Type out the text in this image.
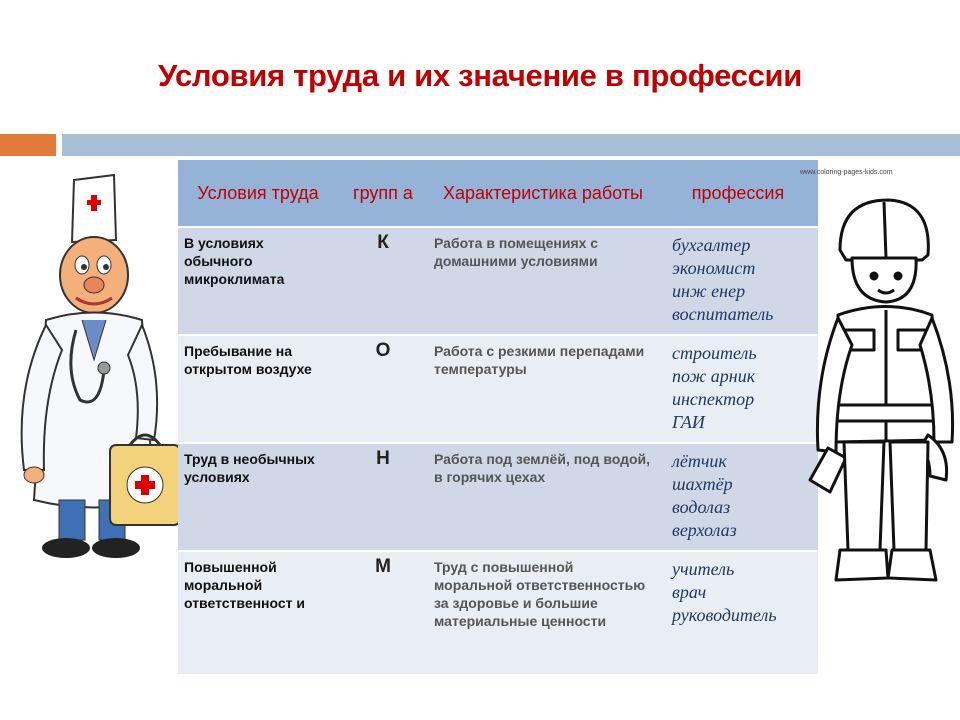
Условия труда и их значение в профессии
Условия труда	групп а	Характеристика работы	профессия
В условиях обычного микроклимата	К	Работа в помещениях с домашними условиями	бухгалтер
экономист
инж енер
воспитатель

Пребывание на открытом воздухе	О	Работа с резкими перепадами температуры	строитель
пож арник
инспектор
ГАИ

Труд в необычных условиях	Н	Работа под землёй, под водой, в горячих цехах	лётчик
шахтёр
водолаз
верхолаз

Повышенной моральной ответственност и	М	Труд с повышенной моральной ответственностью за здоровье и большие материальные ценности	учитель
врач
руководитель
www.coloring-pages-kids.com
